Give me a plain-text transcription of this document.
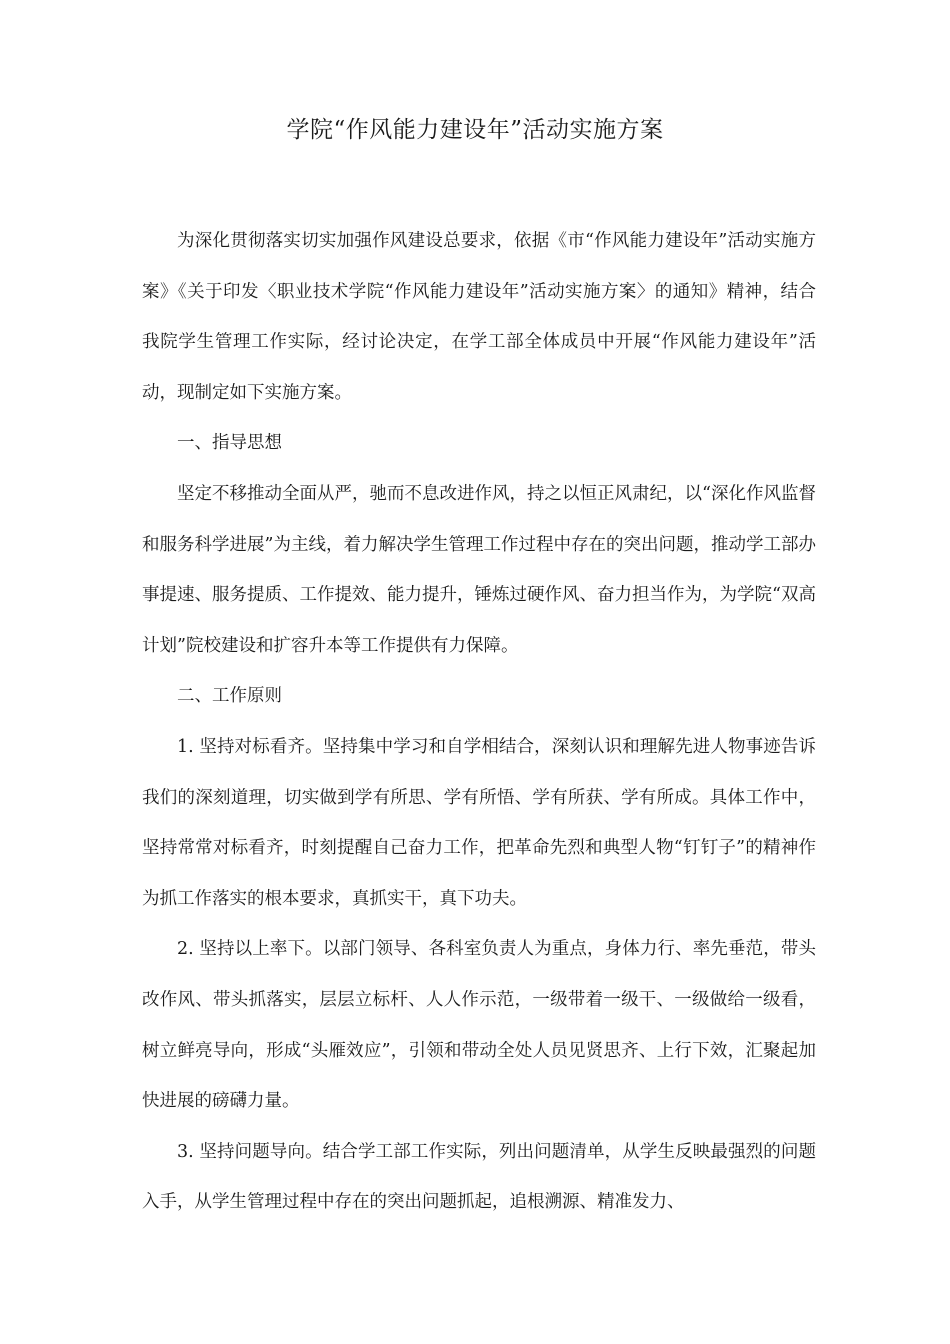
学院“作风能力建设年”活动实施方案

为深化贯彻落实切实加强作风建设总要求，依据《市“作风能力建设年”活动实施方案》《关于印发〈职业技术学院“作风能力建设年”活动实施方案〉的通知》精神，结合我院学生管理工作实际，经讨论决定，在学工部全体成员中开展“作风能力建设年”活动，现制定如下实施方案。

一、指导思想

坚定不移推动全面从严，驰而不息改进作风，持之以恒正风肃纪，以“深化作风监督和服务科学进展”为主线，着力解决学生管理工作过程中存在的突出问题，推动学工部办事提速、服务提质、工作提效、能力提升，锤炼过硬作风、奋力担当作为，为学院“双高计划”院校建设和扩容升本等工作提供有力保障。

二、工作原则

1. 坚持对标看齐。坚持集中学习和自学相结合，深刻认识和理解先进人物事迹告诉我们的深刻道理，切实做到学有所思、学有所悟、学有所获、学有所成。具体工作中，坚持常常对标看齐，时刻提醒自己奋力工作，把革命先烈和典型人物“钉钉子”的精神作为抓工作落实的根本要求，真抓实干，真下功夫。

2. 坚持以上率下。以部门领导、各科室负责人为重点，身体力行、率先垂范，带头改作风、带头抓落实，层层立标杆、人人作示范，一级带着一级干、一级做给一级看，树立鲜亮导向，形成“头雁效应”，引领和带动全处人员见贤思齐、上行下效，汇聚起加快进展的磅礴力量。

3. 坚持问题导向。结合学工部工作实际，列出问题清单，从学生反映最强烈的问题入手，从学生管理过程中存在的突出问题抓起，追根溯源、精准发力、
